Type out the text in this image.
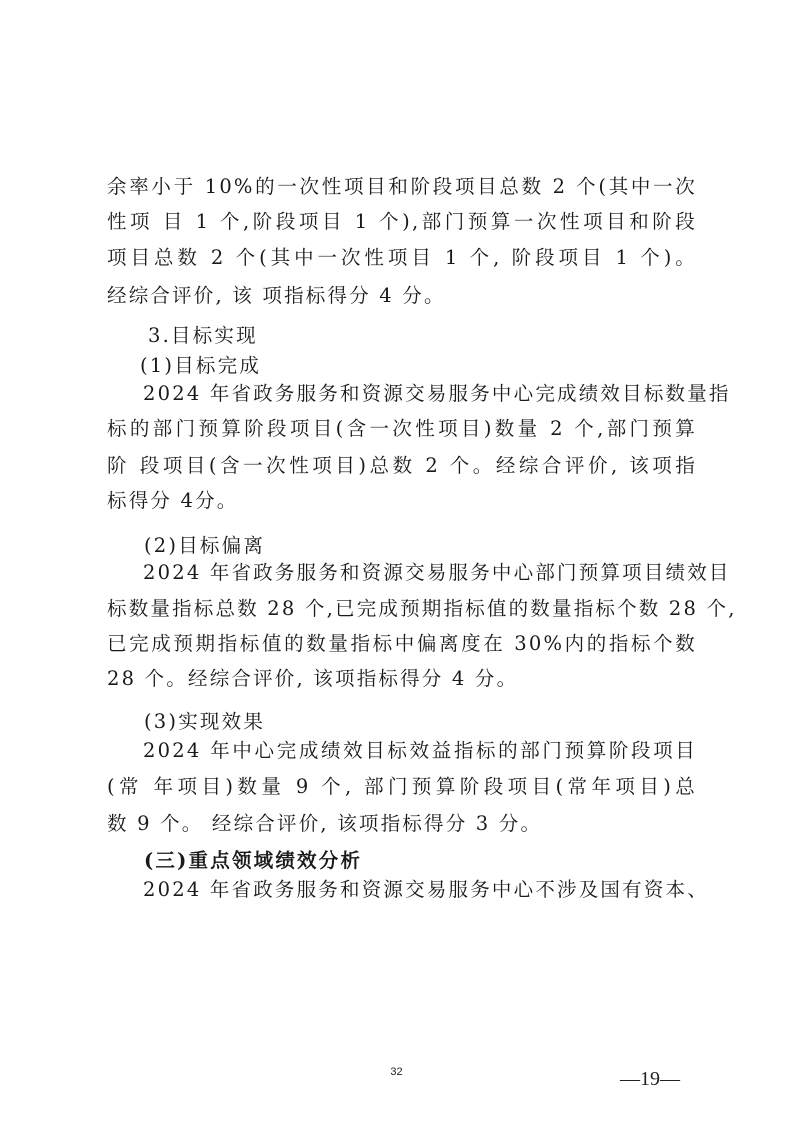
余率小于 10%的一次性项目和阶段项目总数 2 个(其中一次
性项 目 1 个,阶段项目 1 个),部门预算一次性项目和阶段
项目总数 2 个(其中一次性项目 1 个, 阶段项目 1 个)。
经综合评价, 该 项指标得分 4 分。
3.目标实现
(1)目标完成
2024 年省政务服务和资源交易服务中心完成绩效目标数量指
标的部门预算阶段项目(含一次性项目)数量 2 个,部门预算
阶 段项目(含一次性项目)总数 2 个。经综合评价, 该项指
标得分 4分。
(2)目标偏离
2024 年省政务服务和资源交易服务中心部门预算项目绩效目
标数量指标总数 28 个,已完成预期指标值的数量指标个数 28 个,
已完成预期指标值的数量指标中偏离度在 30%内的指标个数
28 个。经综合评价, 该项指标得分 4 分。
(3)实现效果
2024 年中心完成绩效目标效益指标的部门预算阶段项目
(常 年项目)数量 9 个, 部门预算阶段项目(常年项目)总
数 9 个。 经综合评价, 该项指标得分 3 分。
(三)重点领域绩效分析
2024 年省政务服务和资源交易服务中心不涉及国有资本、
32	—19—
